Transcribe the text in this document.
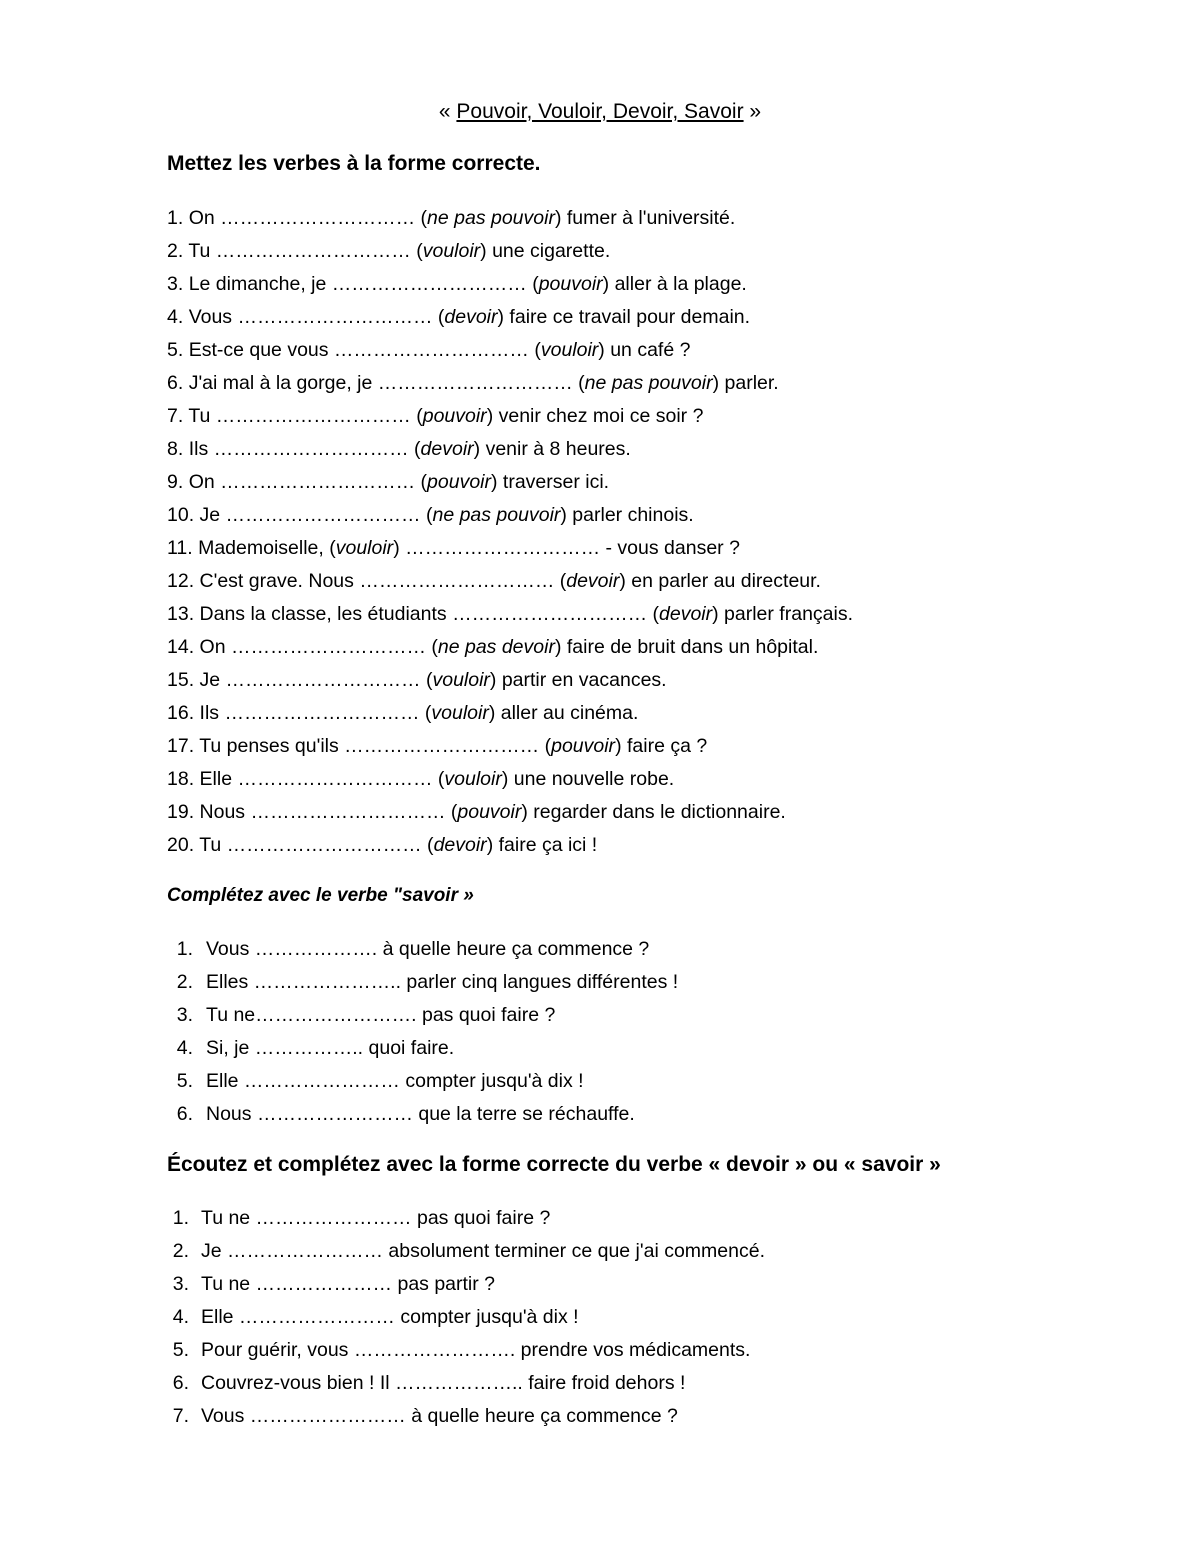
« Pouvoir, Vouloir, Devoir, Savoir »
Mettez les verbes à la forme correcte.
1. On ………………………… (ne pas pouvoir) fumer à l'université.
2. Tu ………………………… (vouloir) une cigarette.
3. Le dimanche, je ………………………… (pouvoir) aller à la plage.
4. Vous ………………………… (devoir) faire ce travail pour demain.
5. Est-ce que vous ………………………… (vouloir) un café ?
6. J'ai mal à la gorge, je ………………………… (ne pas pouvoir) parler.
7. Tu ………………………… (pouvoir) venir chez moi ce soir ?
8. Ils ………………………… (devoir) venir à 8 heures.
9. On ………………………… (pouvoir) traverser ici.
10. Je ………………………… (ne pas pouvoir) parler chinois.
11. Mademoiselle, (vouloir) ………………………… - vous danser ?
12. C'est grave. Nous ………………………… (devoir) en parler au directeur.
13. Dans la classe, les étudiants ………………………… (devoir) parler français.
14. On ………………………… (ne pas devoir) faire de bruit dans un hôpital.
15. Je ………………………… (vouloir) partir en vacances.
16. Ils ………………………… (vouloir) aller au cinéma.
17. Tu penses qu'ils ………………………… (pouvoir) faire ça ?
18. Elle ………………………… (vouloir) une nouvelle robe.
19. Nous ………………………… (pouvoir) regarder dans le dictionnaire.
20. Tu ………………………… (devoir) faire ça ici !
Complétez avec le verbe "savoir »
1. Vous ………………. à quelle heure ça commence ?
2. Elles ………………….. parler cinq langues différentes !
3. Tu ne……………………. pas quoi faire ?
4. Si, je …………….. quoi faire.
5. Elle …………………… compter jusqu'à dix !
6. Nous …………………… que la terre se réchauffe.
Écoutez et complétez avec la forme correcte du verbe « devoir » ou « savoir »
1. Tu ne …………………… pas quoi faire ?
2. Je …………………… absolument terminer ce que j'ai commencé.
3. Tu ne ………………… pas partir ?
4. Elle …………………… compter jusqu'à dix !
5. Pour guérir, vous ……………………. prendre vos médicaments.
6. Couvrez-vous bien ! Il ……………….. faire froid dehors !
7. Vous …………………… à quelle heure ça commence ?
